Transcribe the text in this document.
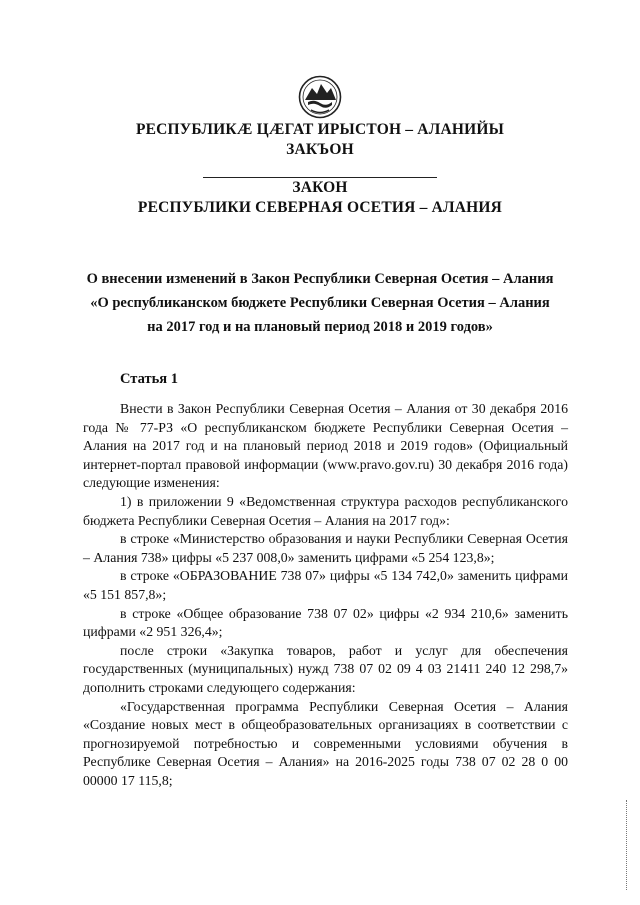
РЕСПУБЛИКӔ ЦӔГАТ ИРЫСТОН – АЛАНИЙЫ
ЗАКЪОН
ЗАКОН
РЕСПУБЛИКИ СЕВЕРНАЯ ОСЕТИЯ – АЛАНИЯ
О внесении изменений в Закон Республики Северная Осетия – Алания
«О республиканском бюджете Республики Северная Осетия – Алания
на 2017 год и на плановый период 2018 и 2019 годов»
Статья 1

Внести в Закон Республики Северная Осетия – Алания от 30 декабря 2016 года № 77-РЗ «О республиканском бюджете Республики Северная Осетия – Алания на 2017 год и на плановый период 2018 и 2019 годов» (Официальный интернет-портал правовой информации (www.pravo.gov.ru) 30 декабря 2016 года) следующие изменения:

1) в приложении 9 «Ведомственная структура расходов республиканского бюджета Республики Северная Осетия – Алания на 2017 год»:

в строке «Министерство образования и науки Республики Северная Осетия – Алания 738» цифры «5 237 008,0» заменить цифрами «5 254 123,8»;

в строке «ОБРАЗОВАНИЕ 738 07» цифры «5 134 742,0» заменить цифрами «5 151 857,8»;

в строке «Общее образование 738 07 02» цифры «2 934 210,6» заменить цифрами «2 951 326,4»;

после строки «Закупка товаров, работ и услуг для обеспечения государственных (муниципальных) нужд 738 07 02 09 4 03 21411 240 12 298,7» дополнить строками следующего содержания:

«Государственная программа Республики Северная Осетия – Алания «Создание новых мест в общеобразовательных организациях в соответствии с прогнозируемой потребностью и современными условиями обучения в Республике Северная Осетия – Алания» на 2016-2025 годы 738 07 02 28 0 00 00000 17 115,8;
